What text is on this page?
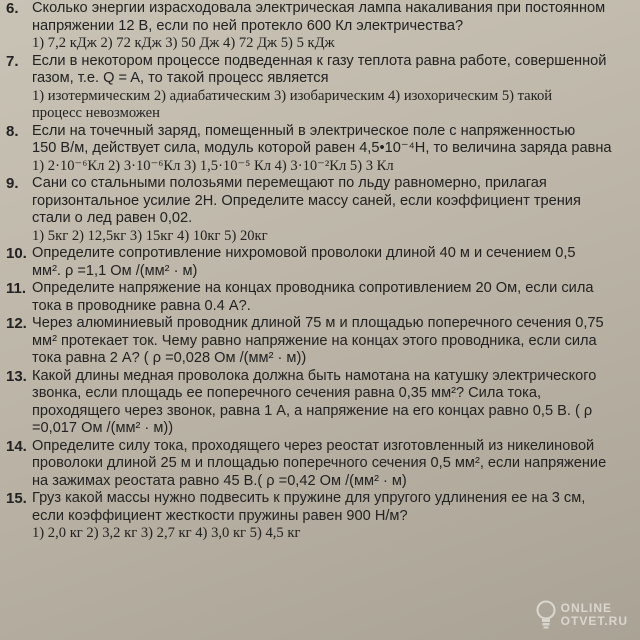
6. Сколько энергии израсходовала электрическая лампа накаливания при постоянном
напряжении 12 В, если по ней протекло 600 Кл электричества?
1) 7,2 кДж 2) 72 кДж 3) 50 Дж 4) 72 Дж 5) 5 кДж
7. Если в некотором процессе подведенная к газу теплота равна работе, совершенной
газом, т.е. Q = A, то такой процесс является
1) изотермическим 2) адиабатическим 3) изобарическим 4) изохорическим 5) такой
процесс невозможен
8. Если на точечный заряд, помещенный в электрическое поле с напряженностью
150 В/м, действует сила, модуль которой равен 4,5•10⁻⁴Н, то величина заряда равна
1) 2·10⁻⁶Кл 2) 3·10⁻⁶Кл 3) 1,5·10⁻⁵ Кл 4) 3·10⁻²Кл 5) 3 Кл
9. Сани со стальными полозьями перемещают по льду равномерно, прилагая
горизонтальное усилие 2Н. Определите массу саней, если коэффициент трения
стали о лед равен 0,02.
1) 5кг 2) 12,5кг 3) 15кг 4) 10кг 5) 20кг
10. Определите сопротивление нихромовой проволоки длиной 40 м и сечением 0,5
мм². ρ =1,1 Ом /(мм² · м)
11. Определите напряжение на концах проводника сопротивлением 20 Ом, если сила
тока в проводнике равна 0.4 А?.
12. Через алюминиевый проводник длиной 75 м и площадью поперечного сечения 0,75
мм² протекает ток. Чему равно напряжение на концах этого проводника, если сила
тока равна 2 А? ( ρ =0,028 Ом /(мм² · м))
13. Какой длины медная проволока должна быть намотана на катушку электрического
звонка, если площадь ее поперечного сечения равна 0,35 мм²? Сила тока,
проходящего через звонок, равна 1 А, а напряжение на его концах равно 0,5 В. ( ρ
=0,017 Ом /(мм² · м))
14. Определите силу тока, проходящего через реостат изготовленный из никелиновой
проволоки длиной 25 м и площадью поперечного сечения 0,5 мм², если напряжение
на зажимах реостата равно 45 В.( ρ =0,42 Ом /(мм² · м)
15. Груз какой массы нужно подвесить к пружине для упругого удлинения ее на 3 см,
если коэффициент жесткости пружины равен 900 Н/м?
1) 2,0 кг 2) 3,2 кг 3) 2,7 кг 4) 3,0 кг 5) 4,5 кг
ONLINE
OTVET.RU
